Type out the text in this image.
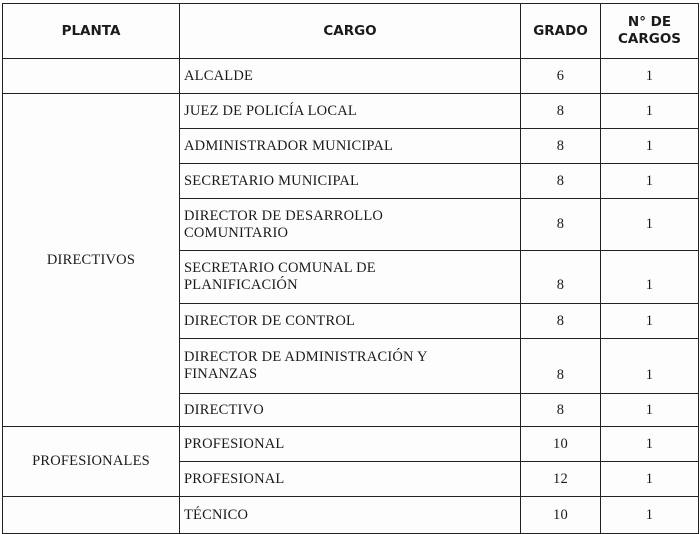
PLANTA	CARGO	GRADO	N° DE
CARGOS

	ALCALDE	6	1
DIRECTIVOS	JUEZ DE POLICÍA LOCAL	8	1
	ADMINISTRADOR MUNICIPAL	8	1
	SECRETARIO MUNICIPAL	8	1

	DIRECTOR DE DESARROLLO
COMUNITARIO	8	1

	SECRETARIO COMUNAL DE
PLANIFICACIÓN	8	1
	DIRECTOR DE CONTROL	8	1

	DIRECTOR DE ADMINISTRACIÓN Y
FINANZAS	8	1
	DIRECTIVO	8	1
PROFESIONALES	PROFESIONAL	10	1
	PROFESIONAL	12	1
	TÉCNICO	10	1
